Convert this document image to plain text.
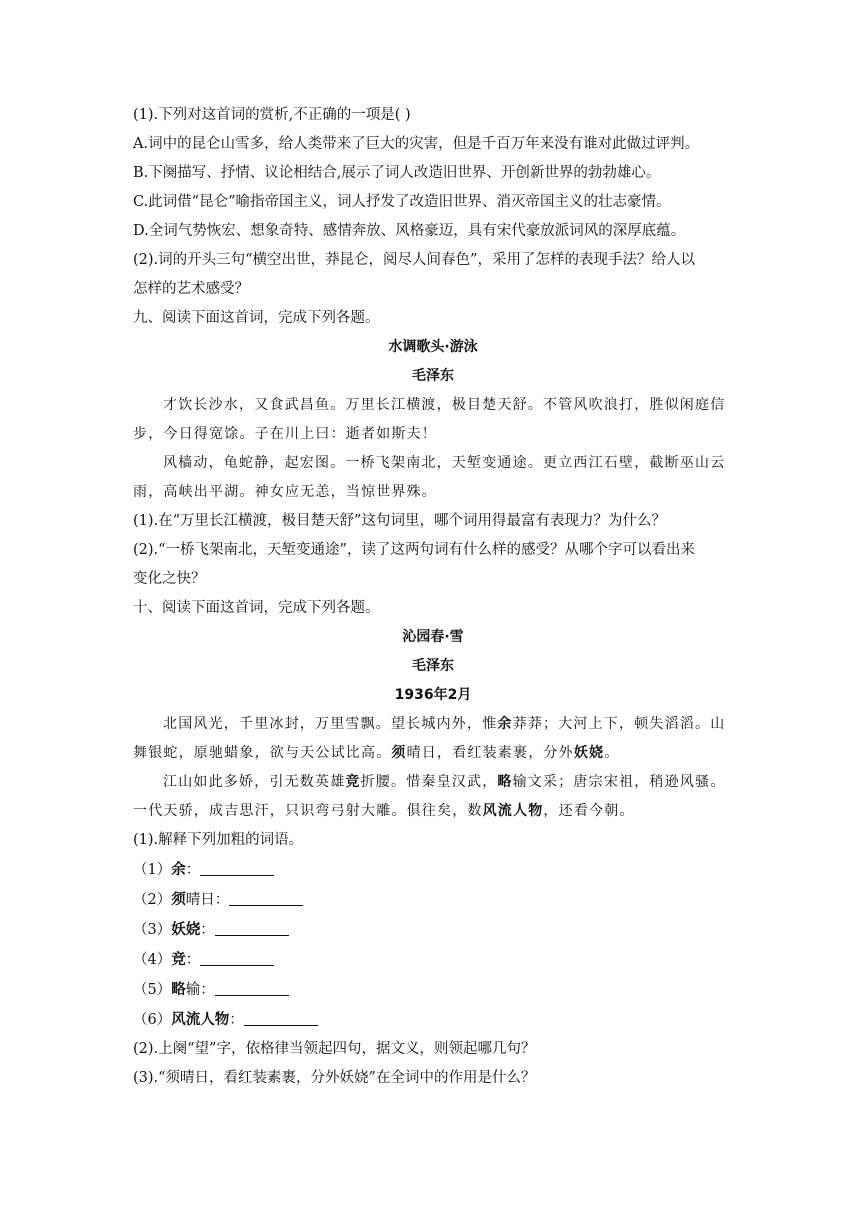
(1).下列对这首词的赏析,不正确的一项是( )
A.词中的昆仑山雪多，给人类带来了巨大的灾害，但是千百万年来没有谁对此做过评判。
B.下阕描写、抒情、议论相结合,展示了词人改造旧世界、开创新世界的勃勃雄心。
C.此词借“昆仑”喻指帝国主义，词人抒发了改造旧世界、消灭帝国主义的壮志豪情。
D.全词气势恢宏、想象奇特、感情奔放、风格豪迈，具有宋代豪放派词风的深厚底蕴。
(2).词的开头三句“横空出世，莽昆仑，阅尽人间春色”，采用了怎样的表现手法？给人以
怎样的艺术感受？
九、阅读下面这首词，完成下列各题。
水调歌头·游泳
毛泽东
才饮长沙水，又食武昌鱼。万里长江横渡，极目楚天舒。不管风吹浪打，胜似闲庭信
步，今日得宽馀。子在川上曰：逝者如斯夫！
风樯动，龟蛇静，起宏图。一桥飞架南北，天堑变通途。更立西江石壁，截断巫山云
雨，高峡出平湖。神女应无恙，当惊世界殊。
(1).在“万里长江横渡，极目楚天舒”这句词里，哪个词用得最富有表现力？为什么？
(2).“一桥飞架南北，天堑变通途”，读了这两句词有什么样的感受？从哪个字可以看出来
变化之快？
十、阅读下面这首词，完成下列各题。
沁园春·雪
毛泽东
1936年2月
北国风光，千里冰封，万里雪飘。望长城内外，惟余莽莽；大河上下，顿失滔滔。山
舞银蛇，原驰蜡象，欲与天公试比高。须晴日，看红装素裹，分外妖娆。
江山如此多娇，引无数英雄竞折腰。惜秦皇汉武，略输文采；唐宗宋祖，稍逊风骚。
一代天骄，成吉思汗，只识弯弓射大雕。俱往矣，数风流人物，还看今朝。
(1).解释下列加粗的词语。
（1）余：
（2）须晴日：
（3）妖娆：
（4）竞：
（5）略输：
（6）风流人物：
(2).上阕“望”字，依格律当领起四句，据文义，则领起哪几句？
(3).“须晴日，看红装素裹，分外妖娆”在全词中的作用是什么？
